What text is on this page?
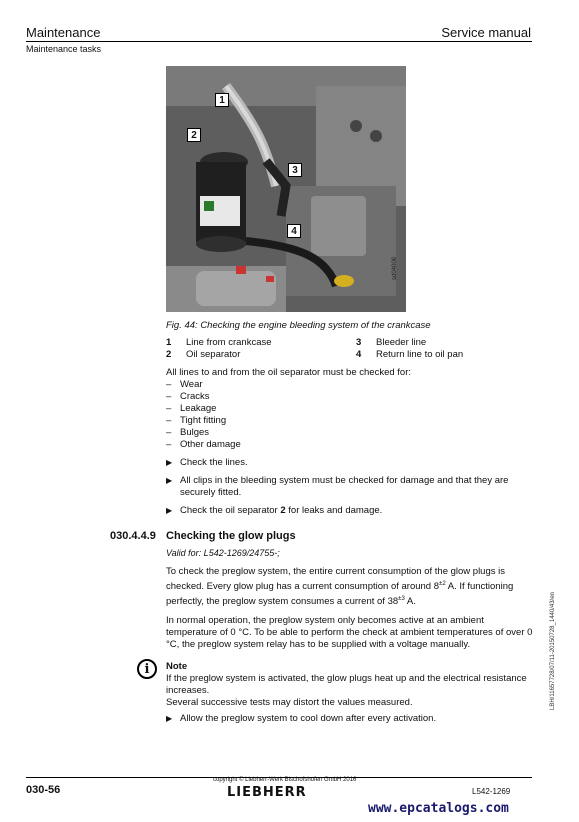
Maintenance	Service manual
Maintenance tasks
1
2
3
4
sd04006
Fig. 44: Checking the engine bleeding system of the crankcase
1 Line from crankcase
2 Oil separator
3 Bleeder line
4 Return line to oil pan

All lines to and from the oil separator must be checked for:

– Wear
– Cracks
– Leakage
– Tight fitting
– Bulges
– Other damage

▶ Check the lines.

▶ All clips in the bleeding system must be checked for damage and that they are securely fitted.

▶ Check the oil separator 2 for leaks and damage.

030.4.4.9 Checking the glow plugs
Valid for: L542-1269/24755-;

To check the preglow system, the entire current consumption of the glow plugs is checked. Every glow plug has a current consumption of around $8^{\pm 2}$ A. If functioning perfectly, the preglow system consumes a current of $38^{\pm 3}$ A.

In normal operation, the preglow system only becomes active at an ambient temperature of 0 °C. To be able to perform the check at ambient temperatures of over 0 °C, the preglow system relay has to be supplied with a voltage manually.

i	Note

If the preglow system is activated, the glow plugs heat up and the electrical resistance increases.

Several successive tests may distort the values measured.

▶ Allow the preglow system to cool down after every activation.

LBH/11657728/07/11-20150728_1440/43/en
030-56
copyright © Liebherr-Werk Bischofshofen GmbH 2016
LIEBHERR	L542-1269
www.epcatalogs.com
